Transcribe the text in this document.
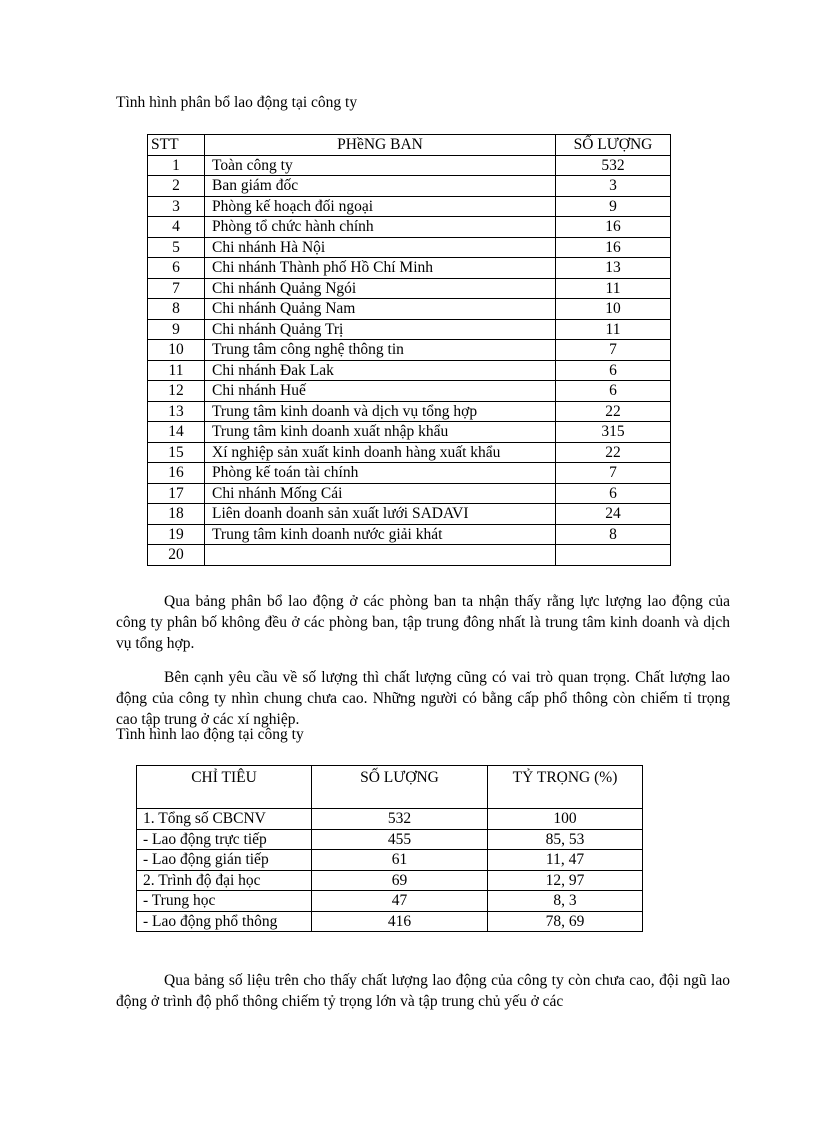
Tình hình phân bổ lao động tại công ty
STT	PHềNG BAN	SỐ LƯỢNG
1	Toàn công ty	532
2	Ban giám đốc	3
3	Phòng kế hoạch đối ngoại	9
4	Phòng tổ chức hành chính	16
5	Chi nhánh Hà Nội	16
6	Chi nhánh Thành phố Hồ Chí Minh	13
7	Chi nhánh Quảng Ngói	11
8	Chi nhánh Quảng Nam	10
9	Chi nhánh Quảng Trị	11
10	Trung tâm công nghệ thông tin	7
11	Chi nhánh Đak Lak	6
12	Chi nhánh Huế	6
13	Trung tâm kinh doanh và dịch vụ tổng hợp	22
14	Trung tâm kinh doanh xuất nhập khẩu	315
15	Xí nghiệp sản xuất kinh doanh hàng xuất khẩu	22
16	Phòng kế toán tài chính	7
17	Chi nhánh Mống Cái	6
18	Liên doanh doanh sản xuất lưới SADAVI	24
19	Trung tâm kinh doanh nước giải khát	8
20		
Qua bảng phân bổ lao động ở các phòng ban ta nhận thấy rằng lực lượng lao động của công ty phân bố không đều ở các phòng ban, tập trung đông nhất là trung tâm kinh doanh và dịch vụ tổng hợp.
Bên cạnh yêu cầu về số lượng thì chất lượng cũng có vai trò quan trọng. Chất lượng lao động của công ty nhìn chung chưa cao. Những người có bằng cấp phổ thông còn chiếm tỉ trọng cao tập trung ở các xí nghiệp.
Tình hình lao động tại công ty
CHỈ TIÊU	SỐ LƯỢNG	TỶ TRỌNG (%)
1. Tổng số CBCNV	532	100
- Lao động trực tiếp	455	85, 53
- Lao động gián tiếp	61	11, 47
2. Trình độ đại học	69	12, 97
- Trung học	47	8, 3
- Lao động phổ thông	416	78, 69
Qua bảng số liệu trên cho thấy chất lượng lao động của công ty còn chưa cao, đội ngũ lao động ở trình độ phổ thông chiếm tỷ trọng lớn và tập trung chủ yếu ở các
